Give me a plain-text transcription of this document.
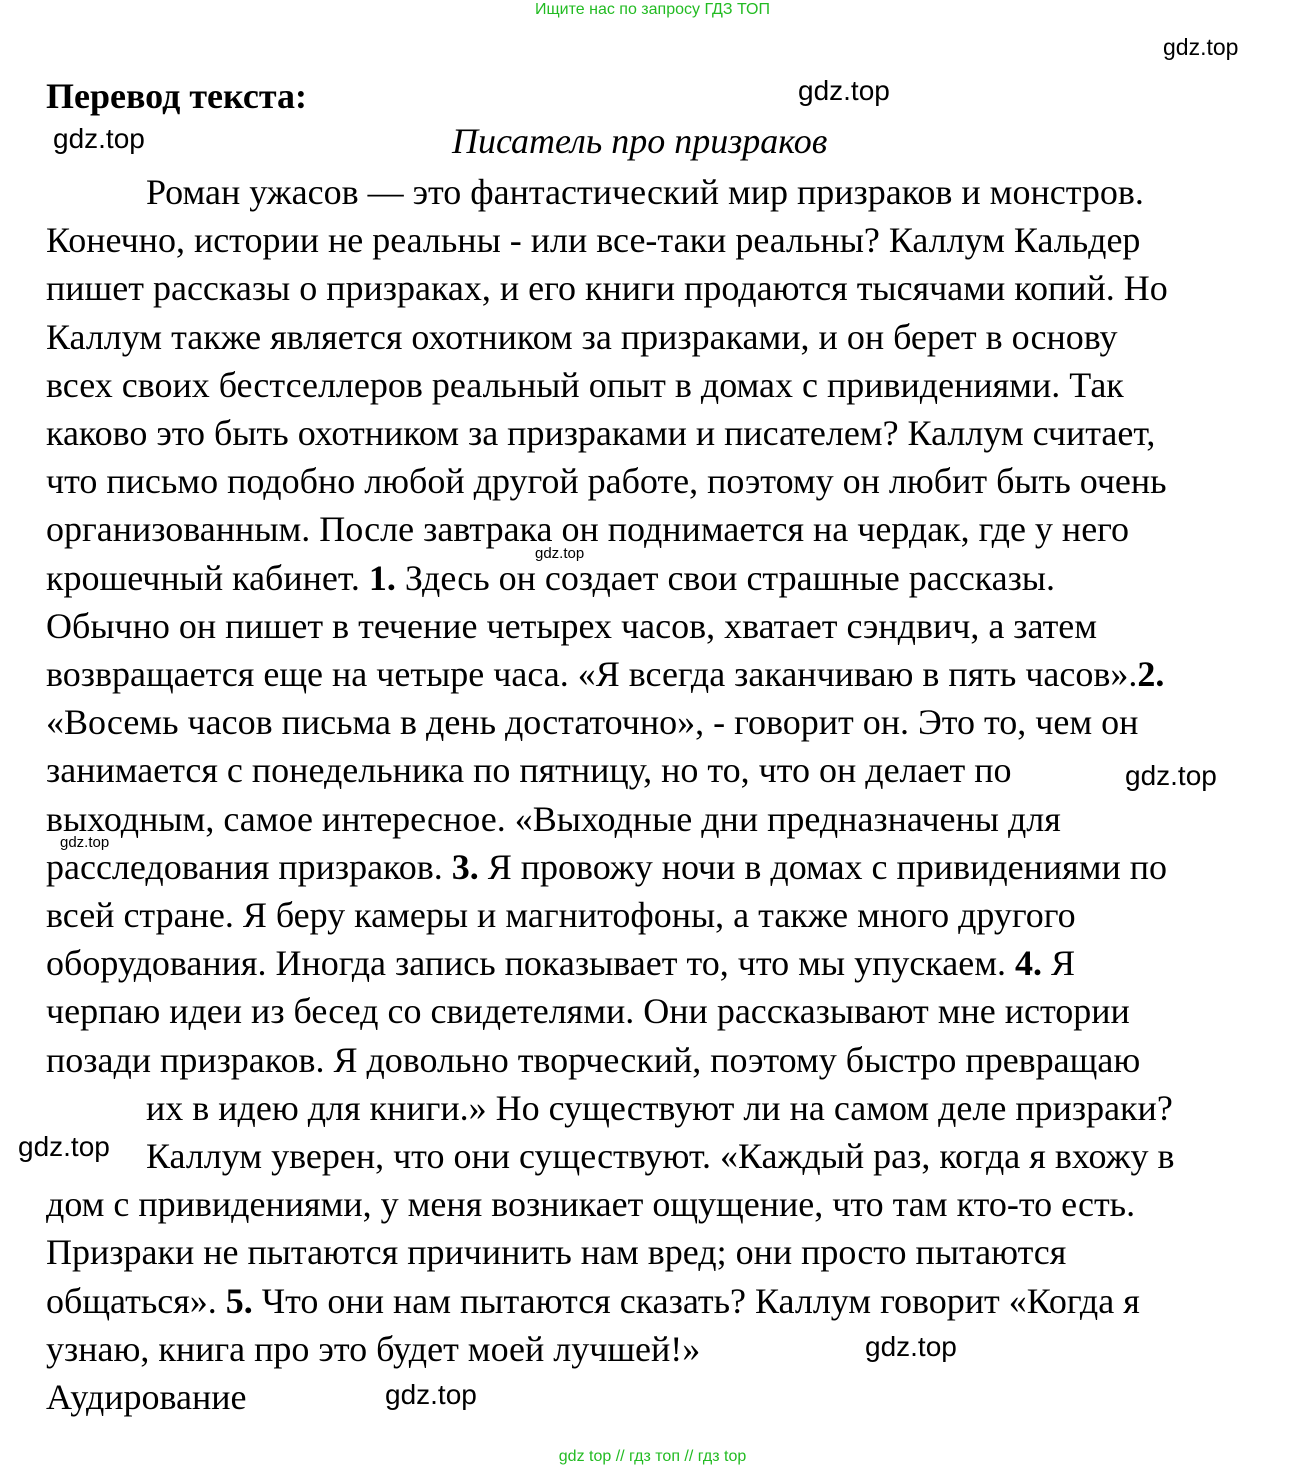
Ищите нас по запросу ГДЗ ТОП
gdz.top
gdz.top
gdz.top
gdz.top
gdz.top
gdz.top
gdz.top
gdz.top
gdz.top
Перевод текста:
Писатель про призраков
Роман ужасов — это фантастический мир призраков и монстров.
Конечно, истории не реальны - или все-таки реальны? Каллум Кальдер
пишет рассказы о призраках, и его книги продаются тысячами копий. Но
Каллум также является охотником за призраками, и он берет в основу
всех своих бестселлеров реальный опыт в домах с привидениями. Так
каково это быть охотником за призраками и писателем? Каллум считает,
что письмо подобно любой другой работе, поэтому он любит быть очень
организованным. После завтрака он поднимается на чердак, где у него
крошечный кабинет. 1. Здесь он создает свои страшные рассказы.
Обычно он пишет в течение четырех часов, хватает сэндвич, а затем
возвращается еще на четыре часа. «Я всегда заканчиваю в пять часов».2.
«Восемь часов письма в день достаточно», - говорит он. Это то, чем он
занимается с понедельника по пятницу, но то, что он делает по
выходным, самое интересное. «Выходные дни предназначены для
расследования призраков. 3. Я провожу ночи в домах с привидениями по
всей стране. Я беру камеры и магнитофоны, а также много другого
оборудования. Иногда запись показывает то, что мы упускаем. 4. Я
черпаю идеи из бесед со свидетелями. Они рассказывают мне истории
позади призраков. Я довольно творческий, поэтому быстро превращаю
их в идею для книги.» Но существуют ли на самом деле призраки?
Каллум уверен, что они существуют. «Каждый раз, когда я вхожу в
дом с привидениями, у меня возникает ощущение, что там кто-то есть.
Призраки не пытаются причинить нам вред; они просто пытаются
общаться». 5. Что они нам пытаются сказать? Каллум говорит «Когда я
узнаю, книга про это будет моей лучшей!»
Аудирование
gdz top // гдз топ // гдз top
